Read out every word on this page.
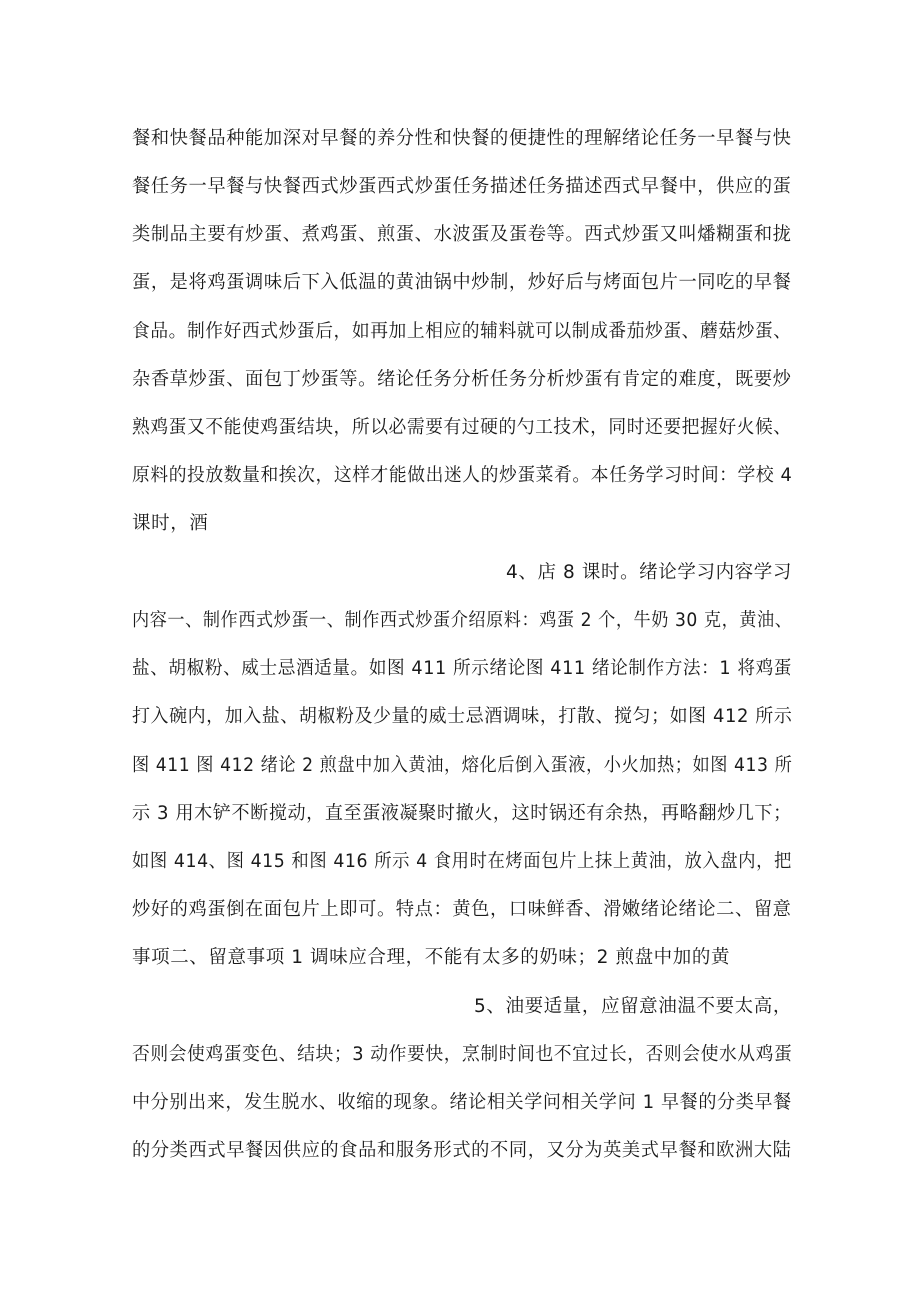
餐和快餐品种能加深对早餐的养分性和快餐的便捷性的理解绪论任务一早餐与快
餐任务一早餐与快餐西式炒蛋西式炒蛋任务描述任务描述西式早餐中，供应的蛋
类制品主要有炒蛋、煮鸡蛋、煎蛋、水波蛋及蛋卷等。西式炒蛋又叫燔糊蛋和拢
蛋，是将鸡蛋调味后下入低温的黄油锅中炒制，炒好后与烤面包片一同吃的早餐
食品。制作好西式炒蛋后，如再加上相应的辅料就可以制成番茄炒蛋、蘑菇炒蛋、
杂香草炒蛋、面包丁炒蛋等。绪论任务分析任务分析炒蛋有肯定的难度，既要炒
熟鸡蛋又不能使鸡蛋结块，所以必需要有过硬的勺工技术，同时还要把握好火候、
原料的投放数量和挨次，这样才能做出迷人的炒蛋菜肴。本任务学习时间：学校 4
课时，酒
4、店 8 课时。绪论学习内容学习
内容一、制作西式炒蛋一、制作西式炒蛋介绍原料：鸡蛋 2 个，牛奶 30 克，黄油、
盐、胡椒粉、威士忌酒适量。如图 411 所示绪论图 411 绪论制作方法：1 将鸡蛋
打入碗内，加入盐、胡椒粉及少量的威士忌酒调味，打散、搅匀；如图 412 所示
图 411 图 412 绪论 2 煎盘中加入黄油，熔化后倒入蛋液，小火加热；如图 413 所
示 3 用木铲不断搅动，直至蛋液凝聚时撤火，这时锅还有余热，再略翻炒几下；
如图 414、图 415 和图 416 所示 4 食用时在烤面包片上抹上黄油，放入盘内，把
炒好的鸡蛋倒在面包片上即可。特点：黄色，口味鲜香、滑嫩绪论绪论二、留意
事项二、留意事项 1 调味应合理，不能有太多的奶味；2 煎盘中加的黄
5、油要适量，应留意油温不要太高，
否则会使鸡蛋变色、结块；3 动作要快，烹制时间也不宜过长，否则会使水从鸡蛋
中分别出来，发生脱水、收缩的现象。绪论相关学问相关学问 1 早餐的分类早餐
的分类西式早餐因供应的食品和服务形式的不同，又分为英美式早餐和欧洲大陆
